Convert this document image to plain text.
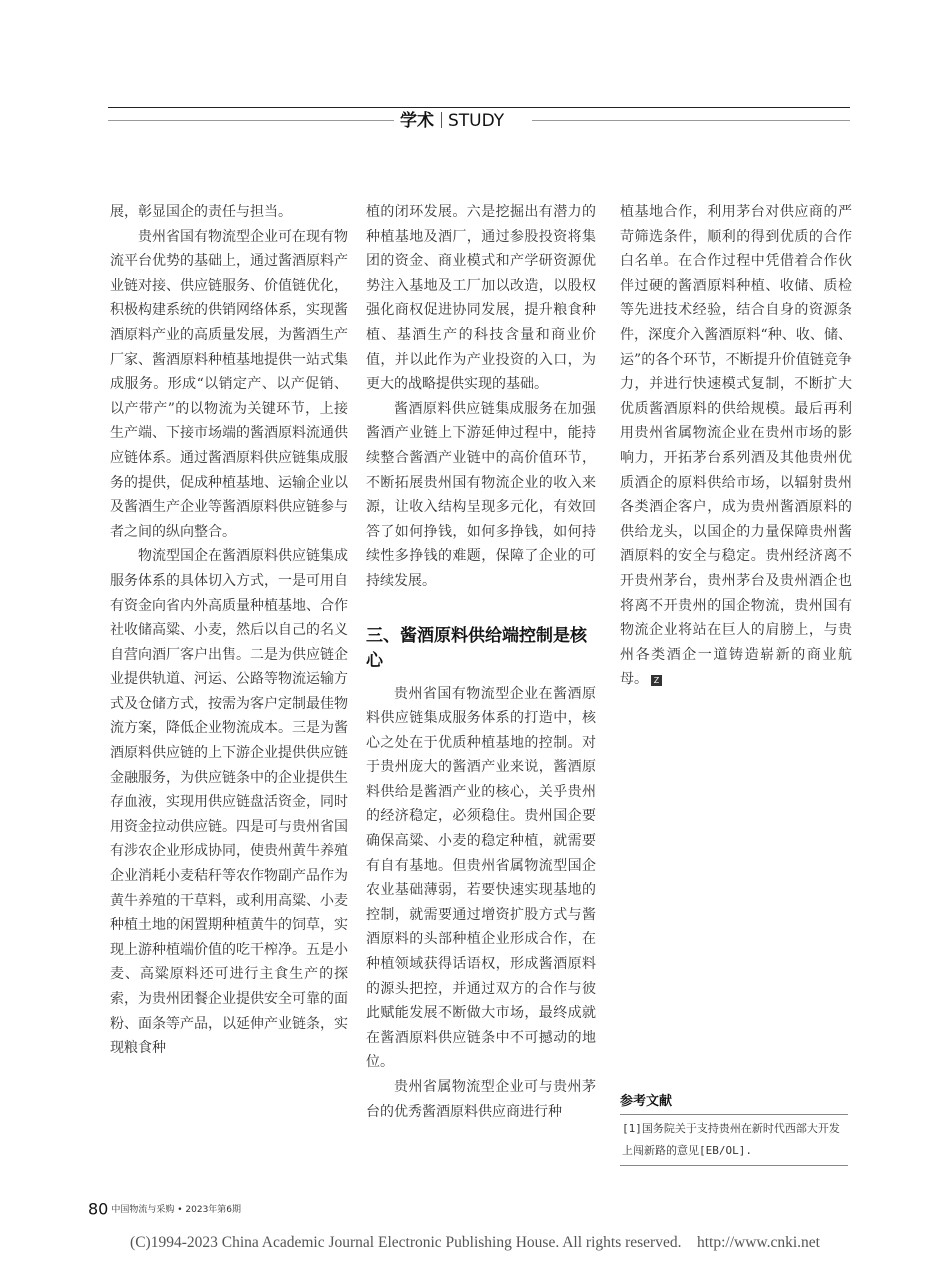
学术 STUDY

展，彰显国企的责任与担当。

贵州省国有物流型企业可在现有物流平台优势的基础上，通过酱酒原料产业链对接、供应链服务、价值链优化，积极构建系统的供销网络体系，实现酱酒原料产业的高质量发展，为酱酒生产厂家、酱酒原料种植基地提供一站式集成服务。形成“以销定产、以产促销、以产带产”的以物流为关键环节，上接生产端、下接市场端的酱酒原料流通供应链体系。通过酱酒原料供应链集成服务的提供，促成种植基地、运输企业以及酱酒生产企业等酱酒原料供应链参与者之间的纵向整合。

物流型国企在酱酒原料供应链集成服务体系的具体切入方式，一是可用自有资金向省内外高质量种植基地、合作社收储高粱、小麦，然后以自己的名义自营向酒厂客户出售。二是为供应链企业提供轨道、河运、公路等物流运输方式及仓储方式，按需为客户定制最佳物流方案，降低企业物流成本。三是为酱酒原料供应链的上下游企业提供供应链金融服务，为供应链条中的企业提供生存血液，实现用供应链盘活资金，同时用资金拉动供应链。四是可与贵州省国有涉农企业形成协同，使贵州黄牛养殖企业消耗小麦秸秆等农作物副产品作为黄牛养殖的干草料，或利用高粱、小麦种植土地的闲置期种植黄牛的饲草，实现上游种植端价值的吃干榨净。五是小麦、高粱原料还可进行主食生产的探索，为贵州团餐企业提供安全可靠的面粉、面条等产品，以延伸产业链条，实现粮食种

植的闭环发展。六是挖掘出有潜力的种植基地及酒厂，通过参股投资将集团的资金、商业模式和产学研资源优势注入基地及工厂加以改造，以股权强化商权促进协同发展，提升粮食种植、基酒生产的科技含量和商业价值，并以此作为产业投资的入口，为更大的战略提供实现的基础。

酱酒原料供应链集成服务在加强酱酒产业链上下游延伸过程中，能持续整合酱酒产业链中的高价值环节，不断拓展贵州国有物流企业的收入来源，让收入结构呈现多元化，有效回答了如何挣钱，如何多挣钱，如何持续性多挣钱的难题，保障了企业的可持续发展。

三、酱酒原料供给端控制是核心

贵州省国有物流型企业在酱酒原料供应链集成服务体系的打造中，核心之处在于优质种植基地的控制。对于贵州庞大的酱酒产业来说，酱酒原料供给是酱酒产业的核心，关乎贵州的经济稳定，必须稳住。贵州国企要确保高粱、小麦的稳定种植，就需要有自有基地。但贵州省属物流型国企农业基础薄弱，若要快速实现基地的控制，就需要通过增资扩股方式与酱酒原料的头部种植企业形成合作，在种植领域获得话语权，形成酱酒原料的源头把控，并通过双方的合作与彼此赋能发展不断做大市场，最终成就在酱酒原料供应链条中不可撼动的地位。

贵州省属物流型企业可与贵州茅台的优秀酱酒原料供应商进行种

植基地合作，利用茅台对供应商的严苛筛选条件，顺利的得到优质的合作白名单。在合作过程中凭借着合作伙伴过硬的酱酒原料种植、收储、质检等先进技术经验，结合自身的资源条件，深度介入酱酒原料“种、收、储、运”的各个环节，不断提升价值链竞争力，并进行快速模式复制，不断扩大优质酱酒原料的供给规模。最后再利用贵州省属物流企业在贵州市场的影响力，开拓茅台系列酒及其他贵州优质酒企的原料供给市场，以辐射贵州各类酒企客户，成为贵州酱酒原料的供给龙头，以国企的力量保障贵州酱酒原料的安全与稳定。贵州经济离不开贵州茅台，贵州茅台及贵州酒企也将离不开贵州的国企物流，贵州国有物流企业将站在巨人的肩膀上，与贵州各类酒企一道铸造崭新的商业航母。 Z

参考文献
[1]国务院关于支持贵州在新时代西部大开发上闯新路的意见[EB/OL].
80 中国物流与采购 • 2023年第6期
(C)1994-2023 China Academic Journal Electronic Publishing House. All rights reserved.    http://www.cnki.net
